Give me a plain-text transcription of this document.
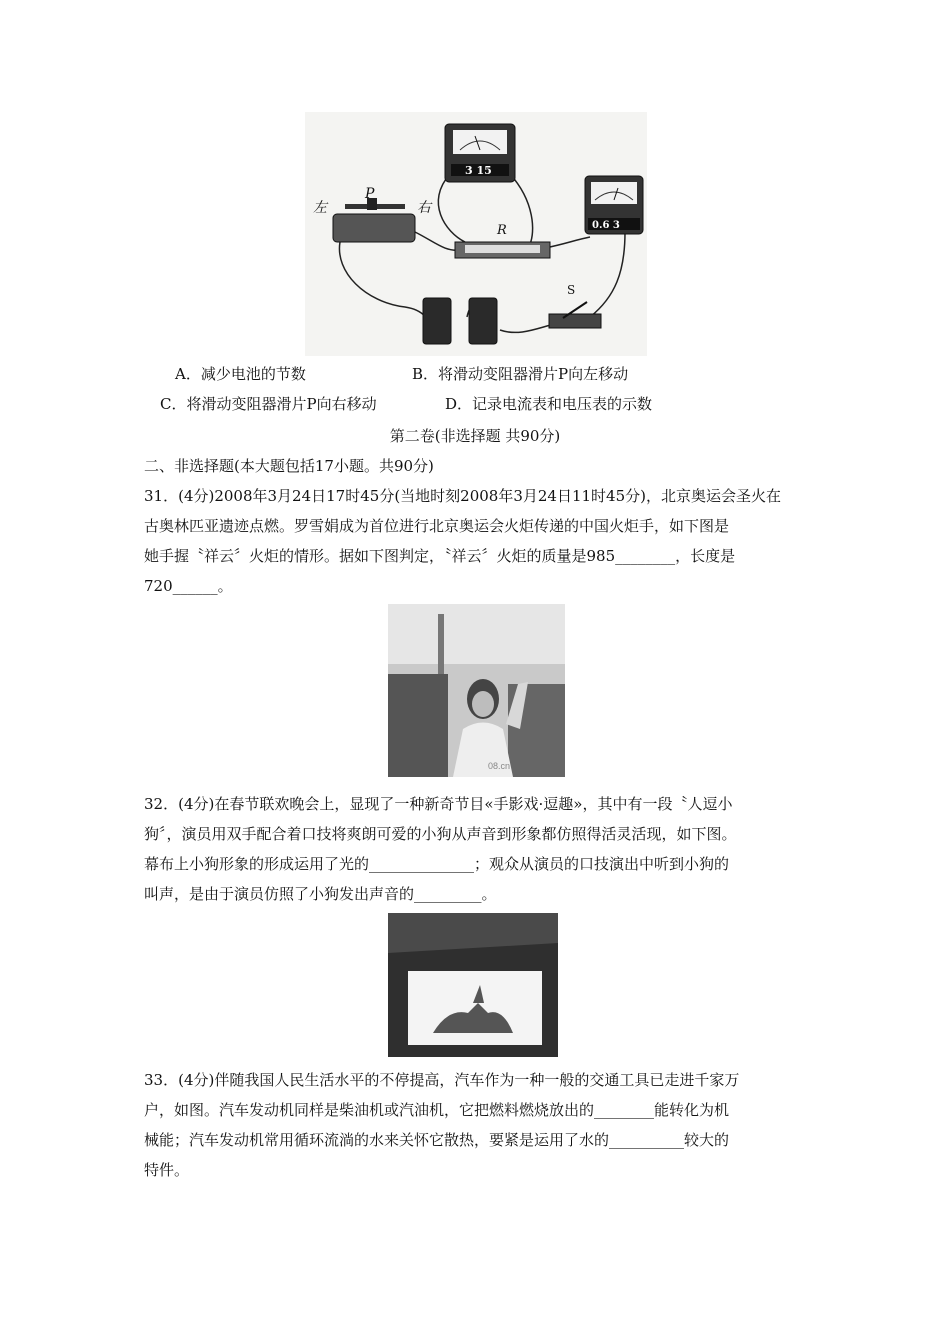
左
P
右
R
S
3 15
0.6 3
A．减少电池的节数	B．将滑动变阻器滑片P向左移动
C．将滑动变阻器滑片P向右移动	D．记录电流表和电压表的示数
第二卷(非选择题 共90分)
二、非选择题(本大题包括17小题。共90分)
31．(4分)2008年3月24日17时45分(当地时刻2008年3月24日11时45分)，北京奥运会圣火在
古奥林匹亚遗迹点燃。罗雪娟成为首位进行北京奥运会火炬传递的中国火炬手，如下图是
她手握〝祥云〞火炬的情形。据如下图判定，〝祥云〞火炬的质量是985________，长度是
720______。
08.cn
32．(4分)在春节联欢晚会上，显现了一种新奇节目«手影戏·逗趣»，其中有一段〝人逗小
狗〞，演员用双手配合着口技将爽朗可爱的小狗从声音到形象都仿照得活灵活现，如下图。
幕布上小狗形象的形成运用了光的______________；观众从演员的口技演出中听到小狗的
叫声，是由于演员仿照了小狗发出声音的_________。
33．(4分)伴随我国人民生活水平的不停提高，汽车作为一种一般的交通工具已走进千家万
户，如图。汽车发动机同样是柴油机或汽油机，它把燃料燃烧放出的________能转化为机
械能；汽车发动机常用循环流淌的水来关怀它散热，要紧是运用了水的__________较大的
特件。
